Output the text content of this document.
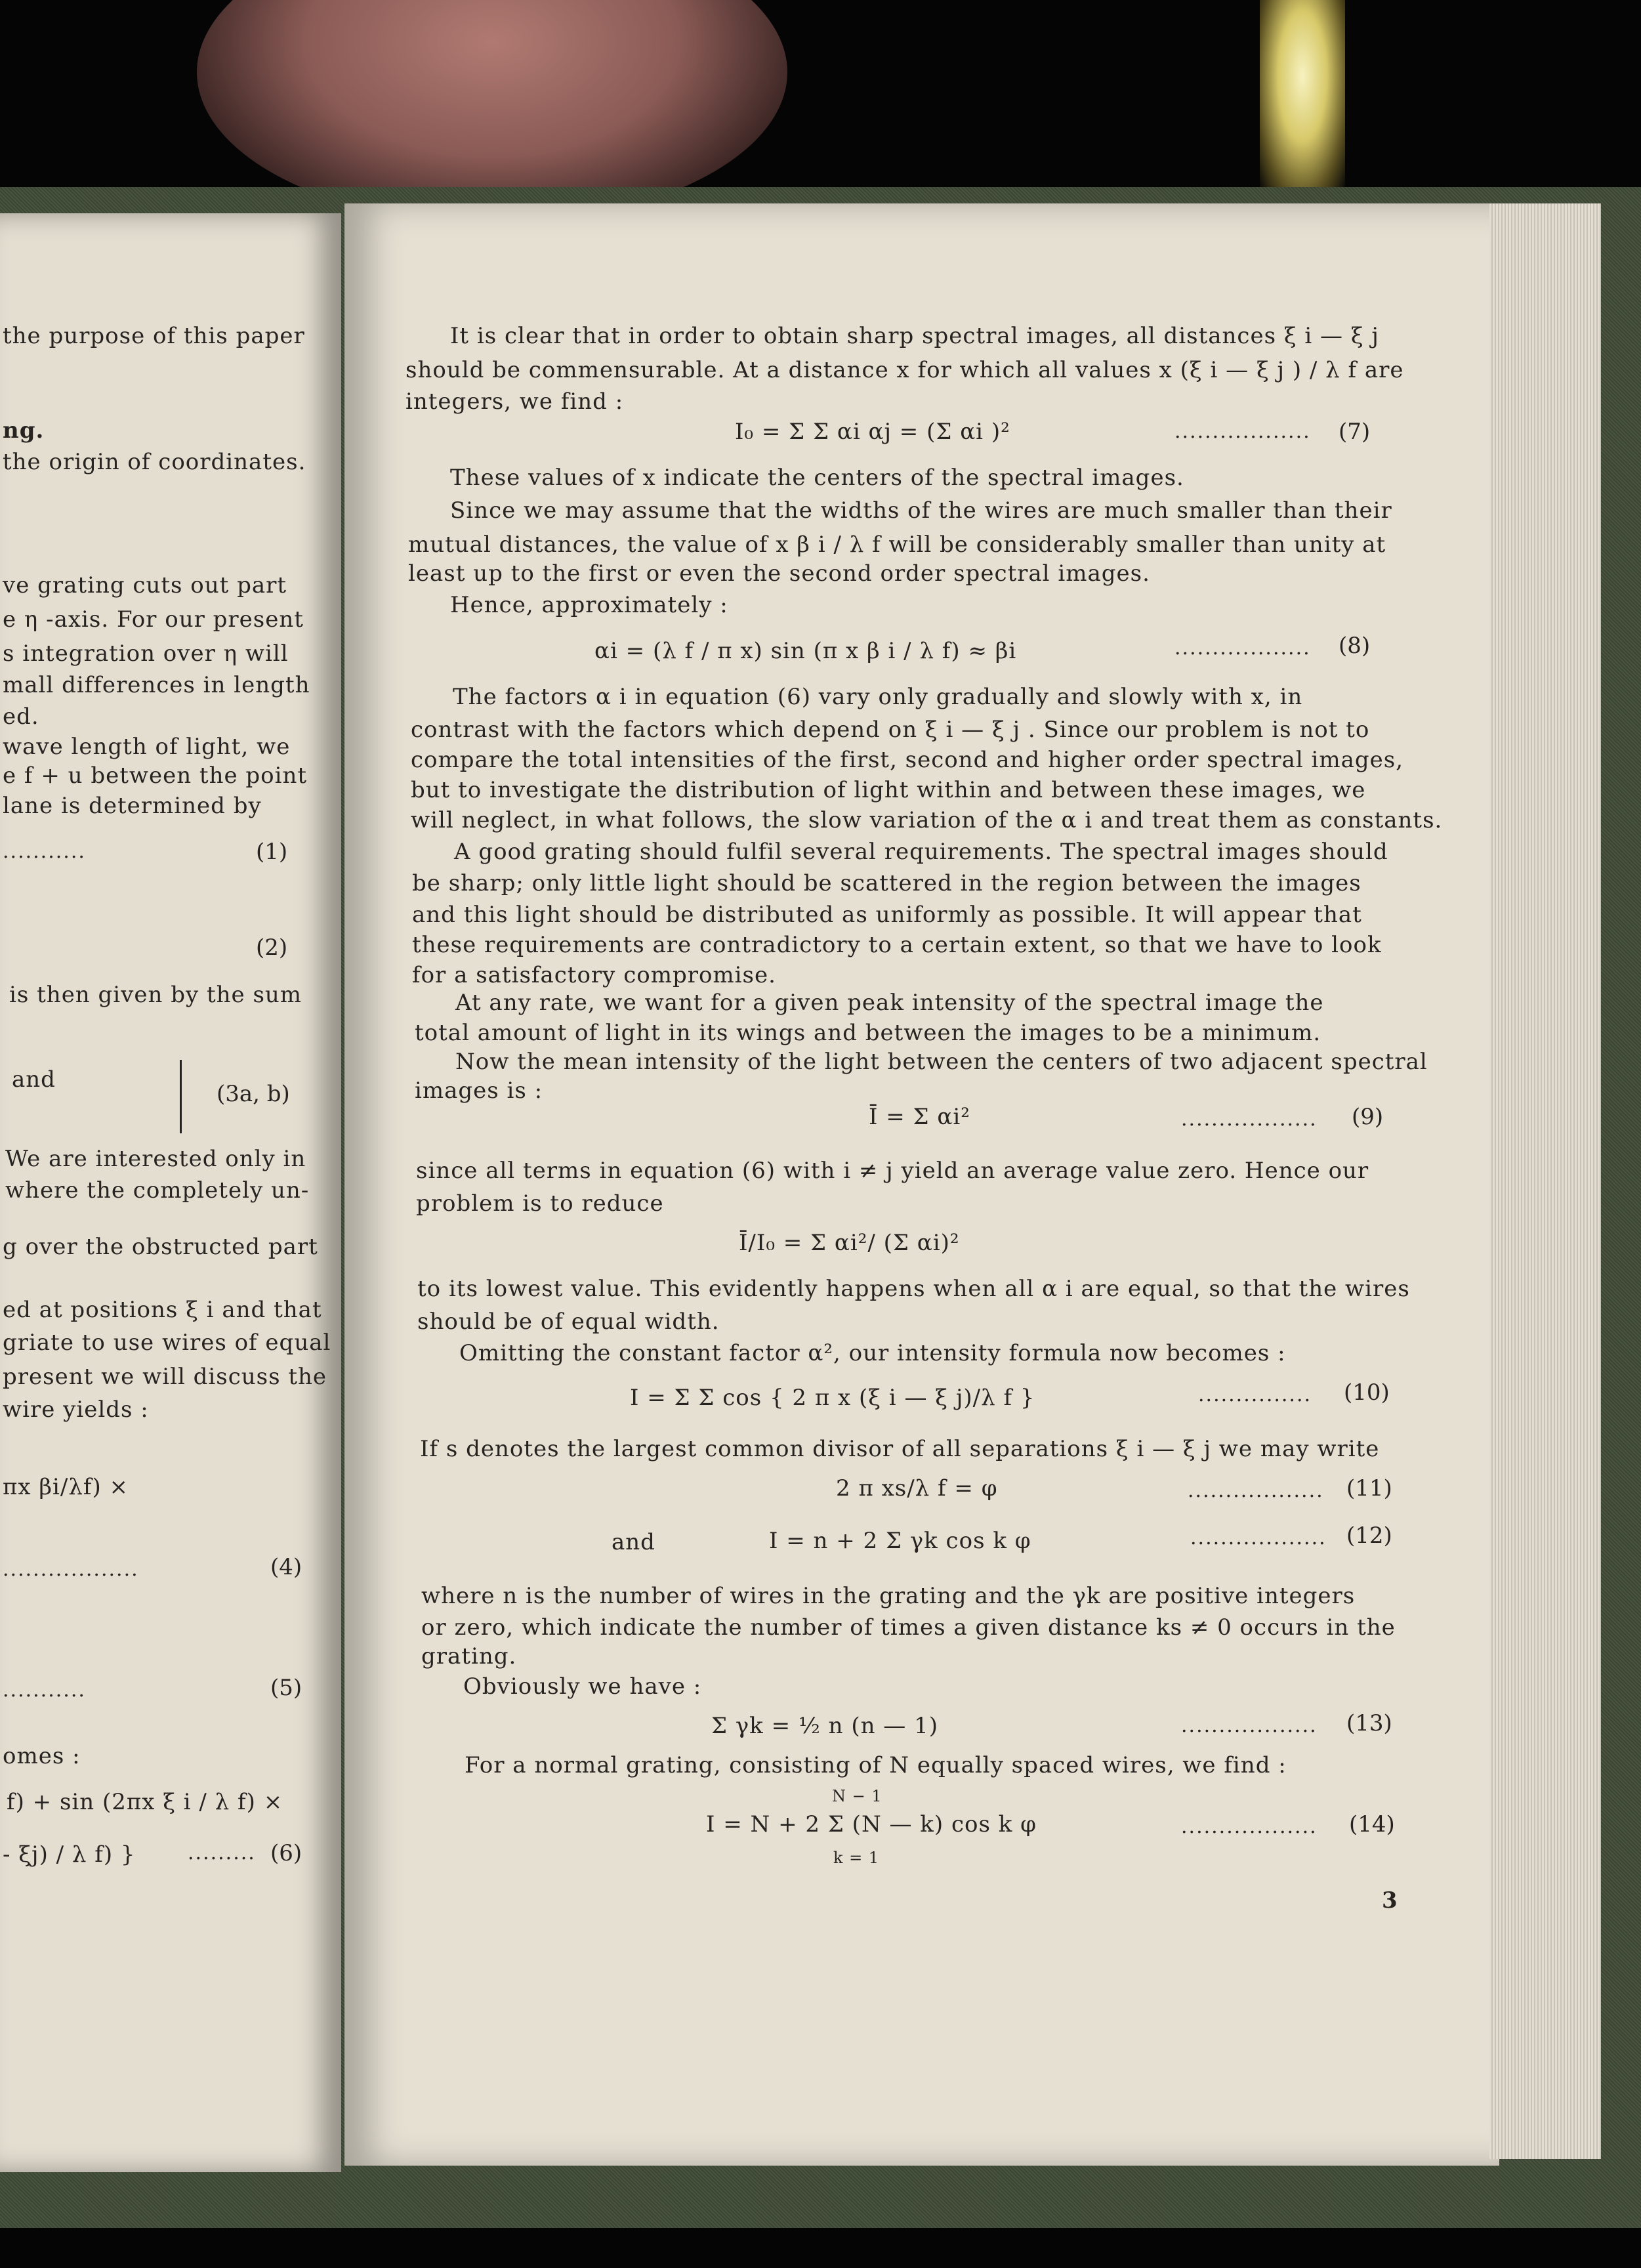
the purpose of this paper
ng.
the origin of coordinates.
ve grating cuts out part
e η -axis. For our present
s integration over η will
mall differences in length
ed.
wave length of light, we
e f + u between the point
lane is determined by
...........	(1)
(2)
is then given by the sum
and
(3a, b)
We are interested only in
where the completely un-
g over the obstructed part
ed at positions ξ i and that
griate to use wires of equal
present we will discuss the
wire yields :
πx βi/λf) ×
..................	(4)
...........	(5)
omes :
f) + sin (2πx ξ i / λ f) ×
- ξj) / λ f) }	......... (6)
It is clear that in order to obtain sharp spectral images, all distances ξ i — ξ j
should be commensurable. At a distance x for which all values x (ξ i — ξ j ) / λ f are
integers, we find :
I₀ = Σ Σ αi αj = (Σ αi )²	.................. (7)
These values of x indicate the centers of the spectral images.
Since we may assume that the widths of the wires are much smaller than their
mutual distances, the value of x β i / λ f will be considerably smaller than unity at
least up to the first or even the second order spectral images.
Hence, approximately :
αi = (λ f / π x) sin (π x β i / λ f) ≈ βi	.................. (8)
The factors α i in equation (6) vary only gradually and slowly with x, in
contrast with the factors which depend on ξ i — ξ j . Since our problem is not to
compare the total intensities of the first, second and higher order spectral images,
but to investigate the distribution of light within and between these images, we
will neglect, in what follows, the slow variation of the α i and treat them as constants.
A good grating should fulfil several requirements. The spectral images should
be sharp; only little light should be scattered in the region between the images
and this light should be distributed as uniformly as possible. It will appear that
these requirements are contradictory to a certain extent, so that we have to look
for a satisfactory compromise.
At any rate, we want for a given peak intensity of the spectral image the
total amount of light in its wings and between the images to be a minimum.
Now the mean intensity of the light between the centers of two adjacent spectral
images is :
Ī = Σ αi²	.................. (9)
since all terms in equation (6) with i ≠ j yield an average value zero. Hence our
problem is to reduce
Ī/I₀ = Σ αi²/ (Σ αi)²
to its lowest value. This evidently happens when all α i are equal, so that the wires
should be of equal width.
Omitting the constant factor α², our intensity formula now becomes :
I = Σ Σ cos { 2 π x (ξ i — ξ j)/λ f }	............... (10)
If s denotes the largest common divisor of all separations ξ i — ξ j we may write
2 π xs/λ f = φ	.................. (11)
and	I = n + 2 Σ γk cos k φ	.................. (12)
where n is the number of wires in the grating and the γk are positive integers
or zero, which indicate the number of times a given distance ks ≠ 0 occurs in the
grating.
Obviously we have :
Σ γk = ½ n (n — 1)	.................. (13)
For a normal grating, consisting of N equally spaced wires, we find :
N − 1
I = N + 2 Σ (N — k) cos k φ
k = 1
.................. (14)
3
